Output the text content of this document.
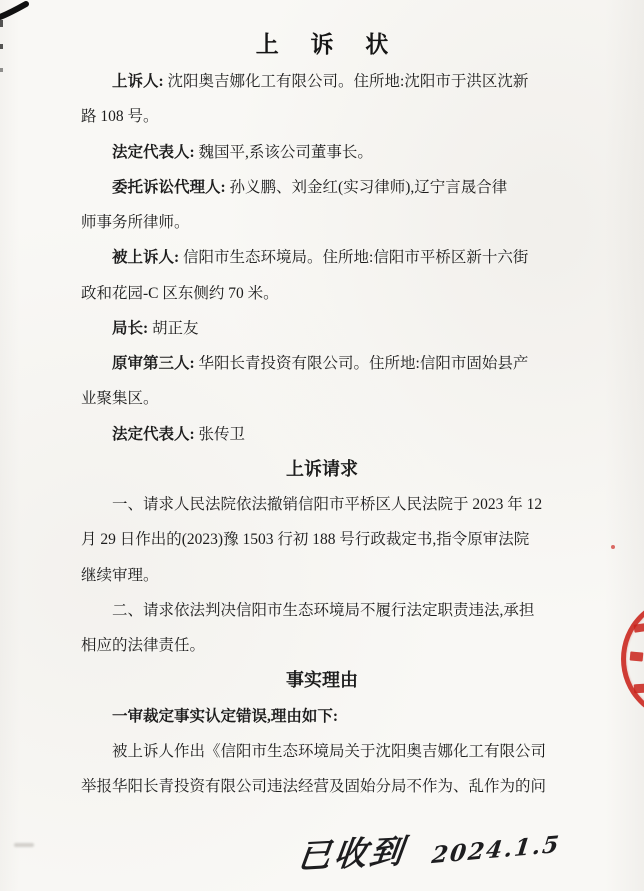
上 诉 状
上诉人: 沈阳奥吉娜化工有限公司。住所地:沈阳市于洪区沈新
路 108 号。
法定代表人: 魏国平,系该公司董事长。
委托诉讼代理人: 孙义鹏、刘金红(实习律师),辽宁言晟合律
师事务所律师。
被上诉人: 信阳市生态环境局。住所地:信阳市平桥区新十六街
政和花园-C 区东侧约 70 米。
局长: 胡正友
原审第三人: 华阳长青投资有限公司。住所地:信阳市固始县产
业聚集区。
法定代表人: 张传卫
上诉请求
一、请求人民法院依法撤销信阳市平桥区人民法院于 2023 年 12
月 29 日作出的(2023)豫 1503 行初 188 号行政裁定书,指令原审法院
继续审理。
二、请求依法判决信阳市生态环境局不履行法定职责违法,承担
相应的法律责任。
事实理由
一审裁定事实认定错误,理由如下:
被上诉人作出《信阳市生态环境局关于沈阳奥吉娜化工有限公司
举报华阳长青投资有限公司违法经营及固始分局不作为、乱作为的问
已收到 2024.1.5
